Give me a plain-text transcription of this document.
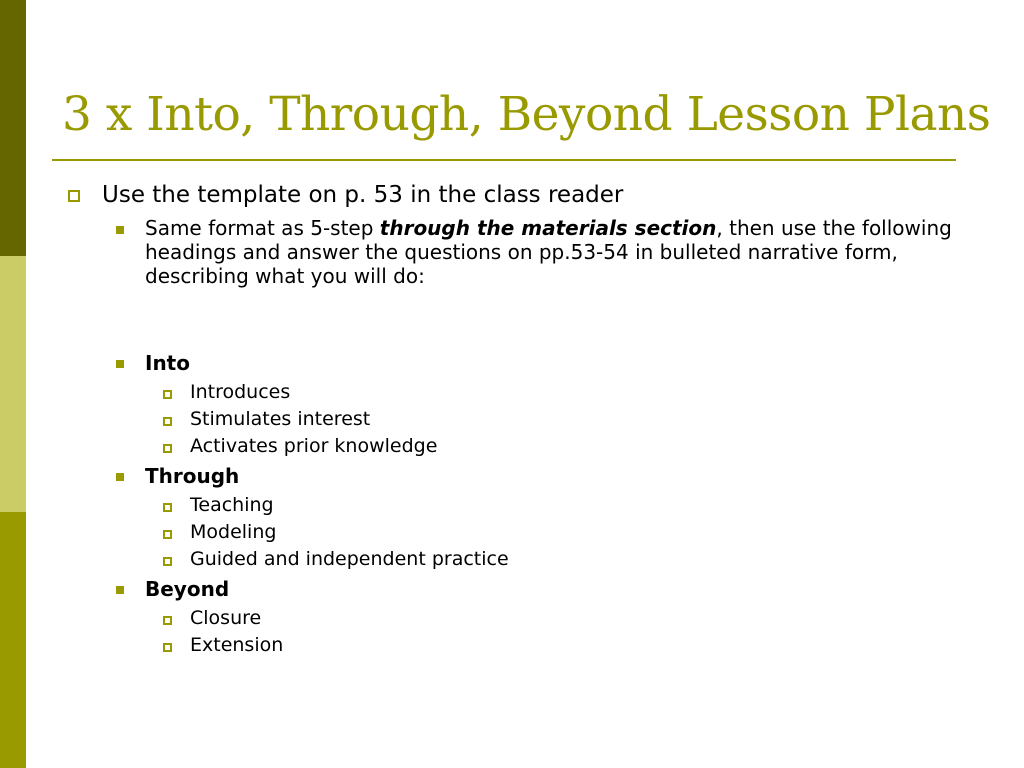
3 x Into, Through, Beyond Lesson Plans

Use the template on p. 53 in the class reader

Same format as 5-step through the materials section, then use the following headings and answer the questions on pp.53-54 in bulleted narrative form, describing what you will do:

Into

Introduces

Stimulates interest

Activates prior knowledge

Through

Teaching

Modeling

Guided and independent practice

Beyond

Closure

Extension
